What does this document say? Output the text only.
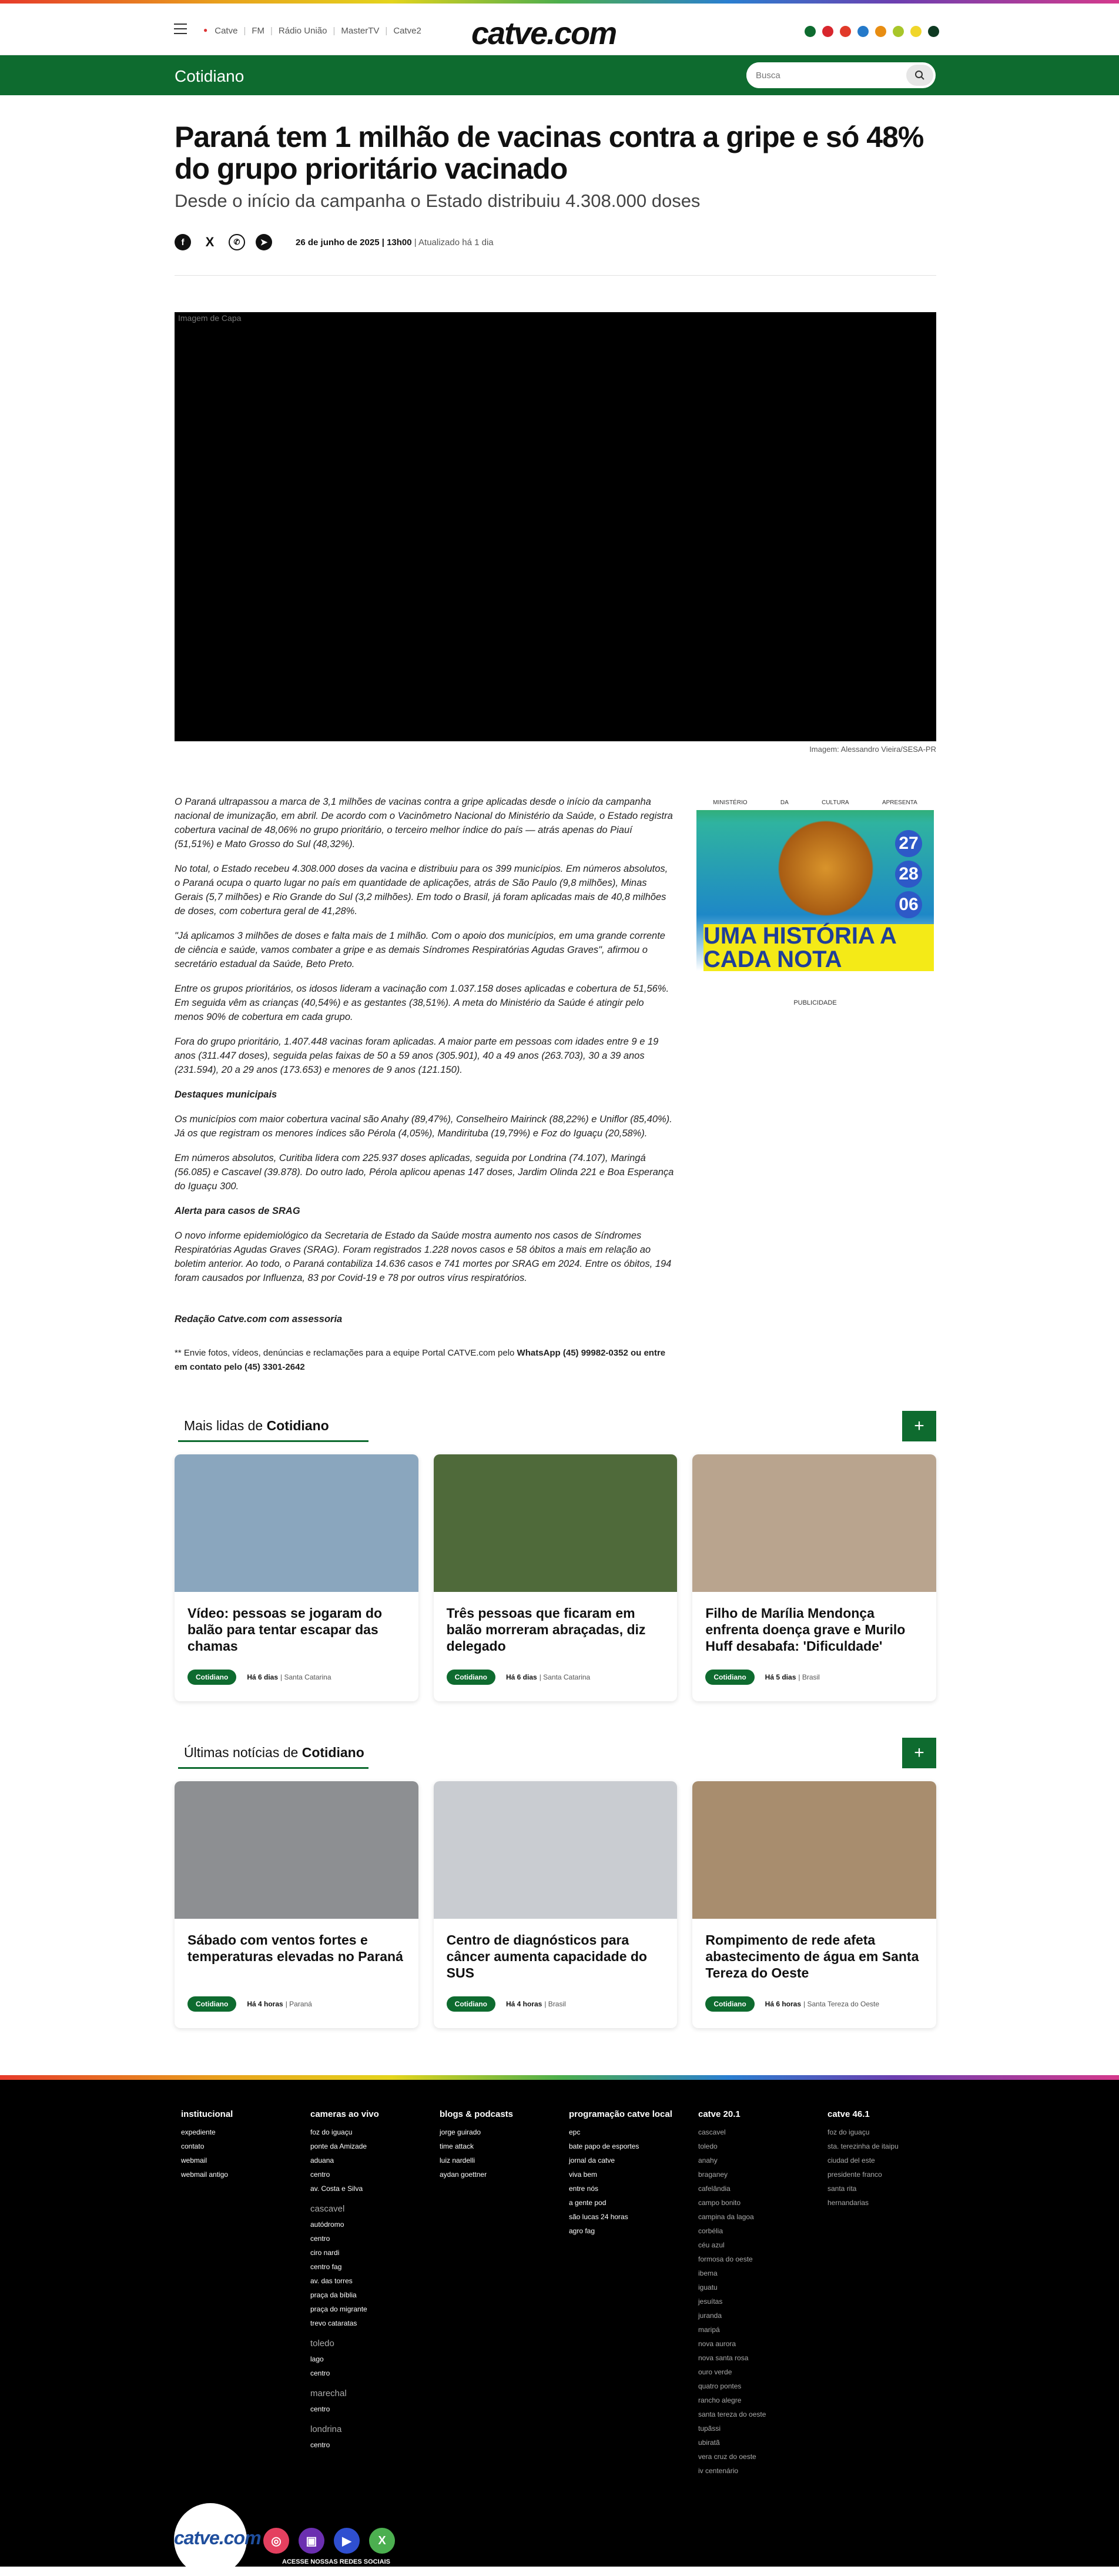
● Catve | FM | Rádio União | MasterTV | Catve2 catve.com
Cotidiano
Busca
Paraná tem 1 milhão de vacinas contra a gripe e só 48% do grupo prioritário vacinado
Desde o início da campanha o Estado distribuiu 4.308.000 doses
f	X	✆	➤	26 de junho de 2025 | 13h00 | Atualizado há 1 dia
Imagem de Capa
Imagem: Alessandro Vieira/SESA-PR

O Paraná ultrapassou a marca de 3,1 milhões de vacinas contra a gripe aplicadas desde o início da campanha nacional de imunização, em abril. De acordo com o Vacinômetro Nacional do Ministério da Saúde, o Estado registra cobertura vacinal de 48,06% no grupo prioritário, o terceiro melhor índice do país — atrás apenas do Piauí (51,51%) e Mato Grosso do Sul (48,32%).

No total, o Estado recebeu 4.308.000 doses da vacina e distribuiu para os 399 municípios. Em números absolutos, o Paraná ocupa o quarto lugar no país em quantidade de aplicações, atrás de São Paulo (9,8 milhões), Minas Gerais (5,7 milhões) e Rio Grande do Sul (3,2 milhões). Em todo o Brasil, já foram aplicadas mais de 40,8 milhões de doses, com cobertura geral de 41,28%.

"Já aplicamos 3 milhões de doses e falta mais de 1 milhão. Com o apoio dos municípios, em uma grande corrente de ciência e saúde, vamos combater a gripe e as demais Síndromes Respiratórias Agudas Graves", afirmou o secretário estadual da Saúde, Beto Preto.

Entre os grupos prioritários, os idosos lideram a vacinação com 1.037.158 doses aplicadas e cobertura de 51,56%. Em seguida vêm as crianças (40,54%) e as gestantes (38,51%). A meta do Ministério da Saúde é atingir pelo menos 90% de cobertura em cada grupo.

Fora do grupo prioritário, 1.407.448 vacinas foram aplicadas. A maior parte em pessoas com idades entre 9 e 19 anos (311.447 doses), seguida pelas faixas de 50 a 59 anos (305.901), 40 a 49 anos (263.703), 30 a 39 anos (231.594), 20 a 29 anos (173.653) e menores de 9 anos (121.150).

Destaques municipais

Os municípios com maior cobertura vacinal são Anahy (89,47%), Conselheiro Mairinck (88,22%) e Uniflor (85,40%). Já os que registram os menores índices são Pérola (4,05%), Mandirituba (19,79%) e Foz do Iguaçu (20,58%).

Em números absolutos, Curitiba lidera com 225.937 doses aplicadas, seguida por Londrina (74.107), Maringá (56.085) e Cascavel (39.878). Do outro lado, Pérola aplicou apenas 147 doses, Jardim Olinda 221 e Boa Esperança do Iguaçu 300.

Alerta para casos de SRAG

O novo informe epidemiológico da Secretaria de Estado da Saúde mostra aumento nos casos de Síndromes Respiratórias Agudas Graves (SRAG). Foram registrados 1.228 novos casos e 58 óbitos a mais em relação ao boletim anterior. Ao todo, o Paraná contabiliza 14.636 casos e 741 mortes por SRAG em 2024. Entre os óbitos, 194 foram causados por Influenza, 83 por Covid-19 e 78 por outros vírus respiratórios.

Redação Catve.com com assessoria
** Envie fotos, vídeos, denúncias e reclamações para a equipe Portal CATVE.com pelo WhatsApp (45) 99982-0352 ou entre em contato pelo (45) 3301-2642
MINISTÉRIO	DA	CULTURA	APRESENTA
27
28
06
UMA HISTÓRIA A CADA NOTA
PUBLICIDADE
Mais lidas de Cotidiano	+
Vídeo: pessoas se jogaram do balão para tentar escapar das chamas
Cotidiano	Há 6 dias | Santa Catarina
Três pessoas que ficaram em balão morreram abraçadas, diz delegado
Cotidiano	Há 6 dias | Santa Catarina
Filho de Marília Mendonça enfrenta doença grave e Murilo Huff desabafa: 'Dificuldade'
Cotidiano	Há 5 dias | Brasil
Últimas notícias de Cotidiano	+
Sábado com ventos fortes e temperaturas elevadas no Paraná
Cotidiano	Há 4 horas | Paraná
Centro de diagnósticos para câncer aumenta capacidade do SUS
Cotidiano	Há 4 horas | Brasil
Rompimento de rede afeta abastecimento de água em Santa Tereza do Oeste
Cotidiano	Há 6 horas | Santa Tereza do Oeste
institucional
expediente
contato
webmail
webmail antigo
cameras ao vivo
foz do iguaçu
ponte da Amizade
aduana
centro
av. Costa e Silva
cascavel
autódromo
centro
ciro nardi
centro fag
av. das torres
praça da bíblia
praça do migrante
trevo cataratas
toledo
lago
centro
marechal
centro
londrina
centro
blogs & podcasts
jorge guirado
time attack
luiz nardelli
aydan goettner
programação catve local
epc
bate papo de esportes
jornal da catve
viva bem
entre nós
a gente pod
são lucas 24 horas
agro fag
catve 20.1
cascavel
toledo
anahy
braganey
cafelândia
campo bonito
campina da lagoa
corbélia
céu azul
formosa do oeste
ibema
iguatu
jesuítas
juranda
maripá
nova aurora
nova santa rosa
ouro verde
quatro pontes
rancho alegre
santa tereza do oeste
tupãssi
ubiratã
vera cruz do oeste
iv centenário
catve 46.1
foz do iguaçu
sta. terezinha de itaipu
ciudad del este
presidente franco
santa rita
hernandarias
catve.com ◎	▣	▶	X
ACESSE NOSSAS REDES SOCIAIS
